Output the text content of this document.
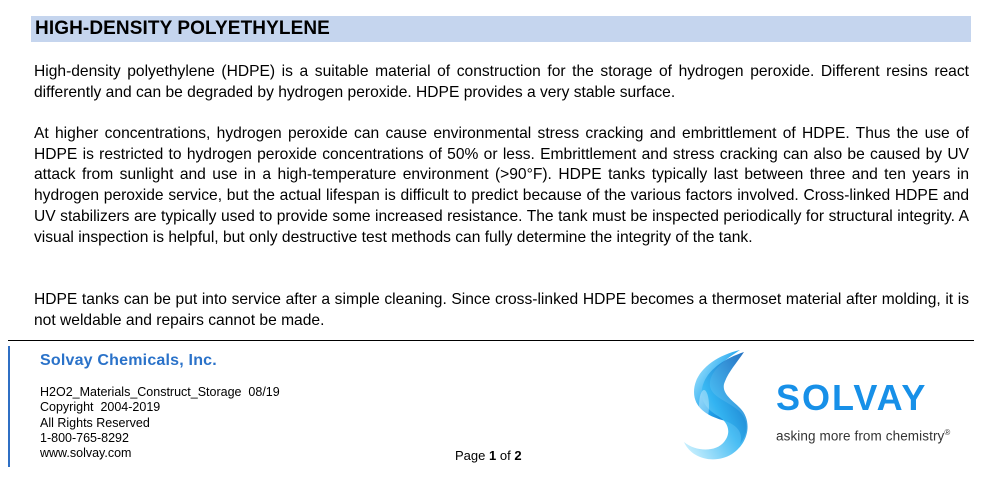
HIGH-DENSITY POLYETHYLENE

High-density polyethylene (HDPE) is a suitable material of construction for the storage of hydrogen peroxide. Different resins react differently and can be degraded by hydrogen peroxide. HDPE provides a very stable surface.

At higher concentrations, hydrogen peroxide can cause environmental stress cracking and embrittlement of HDPE. Thus the use of HDPE is restricted to hydrogen peroxide concentrations of 50% or less. Embrittlement and stress cracking can also be caused by UV attack from sunlight and use in a high-temperature environment (>90°F). HDPE tanks typically last between three and ten years in hydrogen peroxide service, but the actual lifespan is difficult to predict because of the various factors involved. Cross-linked HDPE and UV stabilizers are typically used to provide some increased resistance. The tank must be inspected periodically for structural integrity. A visual inspection is helpful, but only destructive test methods can fully determine the integrity of the tank.

HDPE tanks can be put into service after a simple cleaning. Since cross-linked HDPE becomes a thermoset material after molding, it is not weldable and repairs cannot be made.

Solvay Chemicals, Inc.
H2O2_Materials_Construct_Storage  08/19
Copyright  2004-2019
All Rights Reserved
1-800-765-8292
www.solvay.com	Page 1 of 2
SOLVAY
asking more from chemistry®
